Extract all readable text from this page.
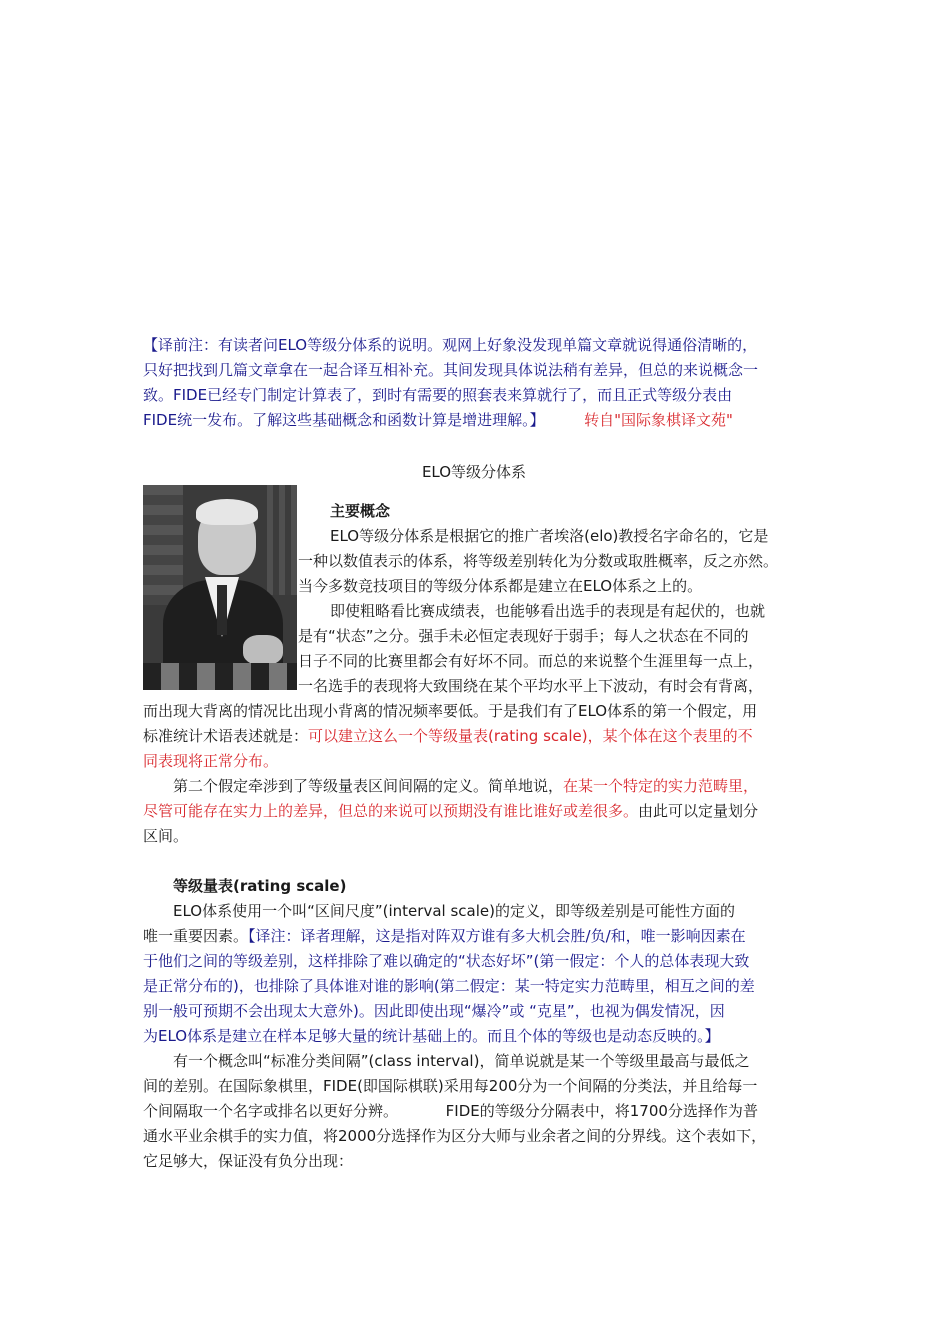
【译前注：有读者问ELO等级分体系的说明。观网上好象没发现单篇文章就说得通俗清晰的，
只好把找到几篇文章拿在一起合译互相补充。其间发现具体说法稍有差异，但总的来说概念一
致。FIDE已经专门制定计算表了，到时有需要的照套表来算就行了，而且正式等级分表由
FIDE统一发布。了解这些基础概念和函数计算是增进理解。】	转自"国际象棋译文苑"
ELO等级分体系
主要概念
ELO等级分体系是根据它的推广者埃洛(elo)教授名字命名的，它是
一种以数值表示的体系，将等级差别转化为分数或取胜概率，反之亦然。
当今多数竞技项目的等级分体系都是建立在ELO体系之上的。
即使粗略看比赛成绩表，也能够看出选手的表现是有起伏的，也就
是有“状态”之分。强手未必恒定表现好于弱手；每人之状态在不同的
日子不同的比赛里都会有好坏不同。而总的来说整个生涯里每一点上，
一名选手的表现将大致围绕在某个平均水平上下波动，有时会有背离，
而出现大背离的情况比出现小背离的情况频率要低。于是我们有了ELO体系的第一个假定，用
标准统计术语表述就是：可以建立这么一个等级量表(rating scale)，某个体在这个表里的不
同表现将正常分布。
第二个假定牵涉到了等级量表区间间隔的定义。简单地说，在某一个特定的实力范畴里，
尽管可能存在实力上的差异，但总的来说可以预期没有谁比谁好或差很多。由此可以定量划分
区间。
等级量表(rating scale)
ELO体系使用一个叫“区间尺度”(interval scale)的定义，即等级差别是可能性方面的
唯一重要因素。【译注：译者理解，这是指对阵双方谁有多大机会胜/负/和，唯一影响因素在
于他们之间的等级差别，这样排除了难以确定的“状态好坏”(第一假定：个人的总体表现大致
是正常分布的)，也排除了具体谁对谁的影响(第二假定：某一特定实力范畴里，相互之间的差
别一般可预期不会出现太大意外)。因此即使出现“爆冷”或 “克星”，也视为偶发情况，因
为ELO体系是建立在样本足够大量的统计基础上的。而且个体的等级也是动态反映的。】
有一个概念叫“标准分类间隔”(class interval)，简单说就是某一个等级里最高与最低之
间的差别。在国际象棋里，FIDE(即国际棋联)采用每200分为一个间隔的分类法，并且给每一
个间隔取一个名字或排名以更好分辨。          FIDE的等级分分隔表中，将1700分选择作为普
通水平业余棋手的实力值，将2000分选择作为区分大师与业余者之间的分界线。这个表如下，
它足够大，保证没有负分出现：
